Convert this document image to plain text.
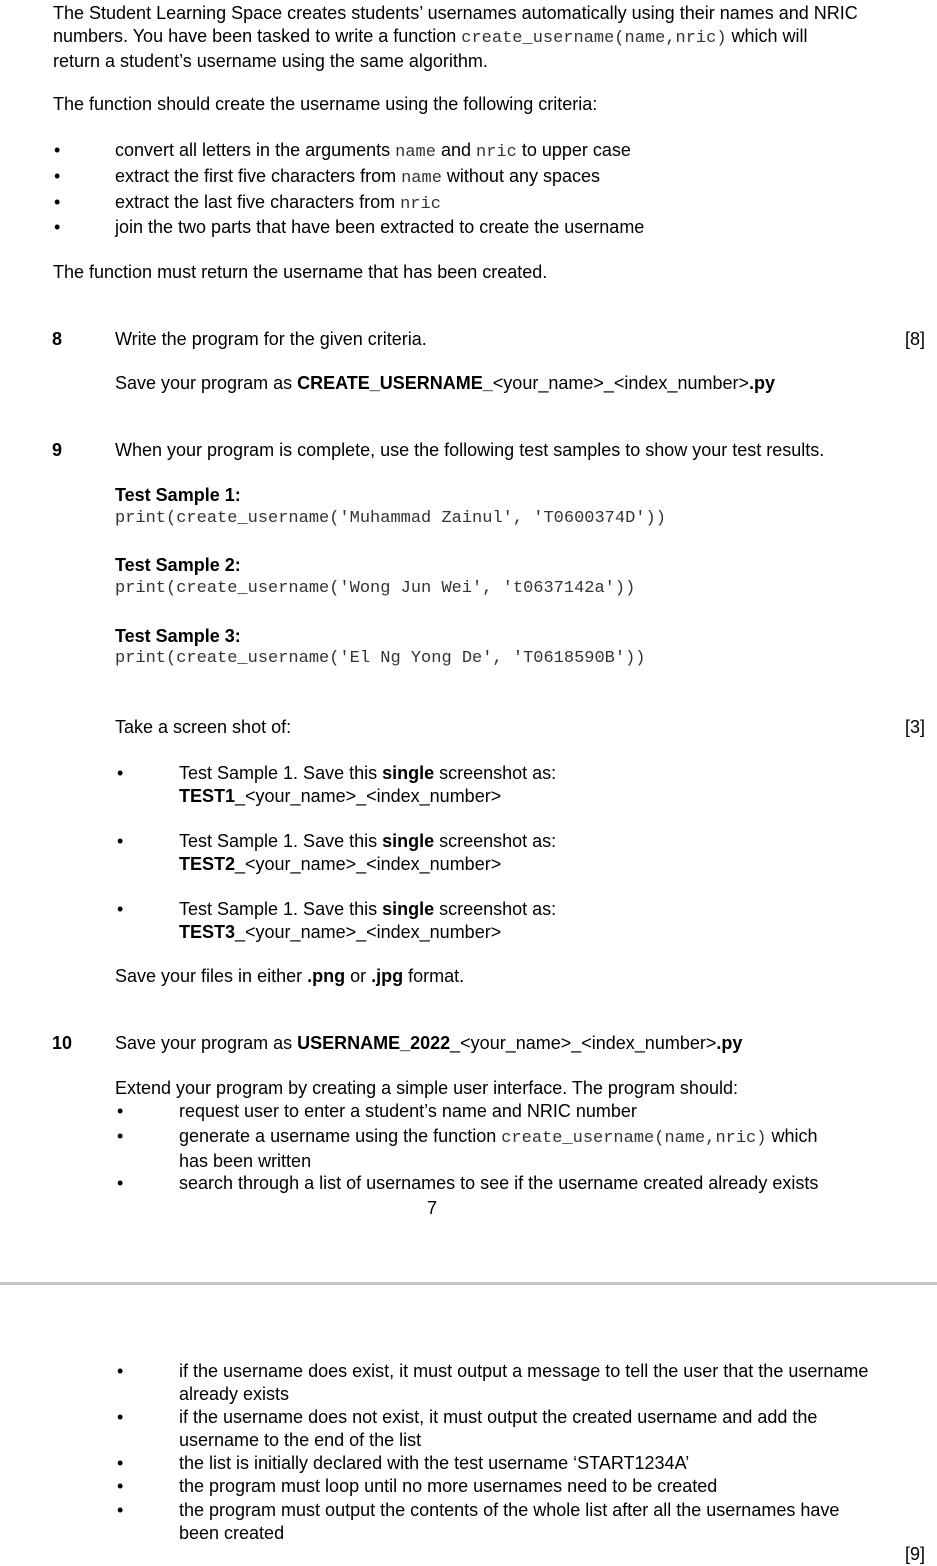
The Student Learning Space creates students’ usernames automatically using their names and NRIC

numbers. You have been tasked to write a function create_username(name,nric) which will

return a student’s username using the same algorithm.

The function should create the username using the following criteria:

•	convert all letters in the arguments name and nric to upper case

•	extract the first five characters from name without any spaces

•	extract the last five characters from nric

•	join the two parts that have been extracted to create the username

The function must return the username that has been created.

8	Write the program for the given criteria.	[8]

Save your program as CREATE_USERNAME_<your_name>_<index_number>.py

9	When your program is complete, use the following test samples to show your test results.

Test Sample 1:

print(create_username('Muhammad Zainul', 'T0600374D'))

Test Sample 2:

print(create_username('Wong Jun Wei', 't0637142a'))

Test Sample 3:

print(create_username('El Ng Yong De', 'T0618590B'))

Take a screen shot of:	[3]
•	Test Sample 1. Save this single screenshot as:

TEST1_<your_name>_<index_number>

•	Test Sample 1. Save this single screenshot as:

TEST2_<your_name>_<index_number>

•	Test Sample 1. Save this single screenshot as:

TEST3_<your_name>_<index_number>

Save your files in either .png or .jpg format.

10 Save your program as USERNAME_2022_<your_name>_<index_number>.py

Extend your program by creating a simple user interface. The program should:

•	request user to enter a student’s name and NRIC number

•	generate a username using the function create_username(name,nric) which

has been written

•	search through a list of usernames to see if the username created already exists

7
•	if the username does exist, it must output a message to tell the user that the username

already exists

•	if the username does not exist, it must output the created username and add the

username to the end of the list

•	the list is initially declared with the test username ‘START1234A’

•	the program must loop until no more usernames need to be created

•	the program must output the contents of the whole list after all the usernames have

been created

[9]
